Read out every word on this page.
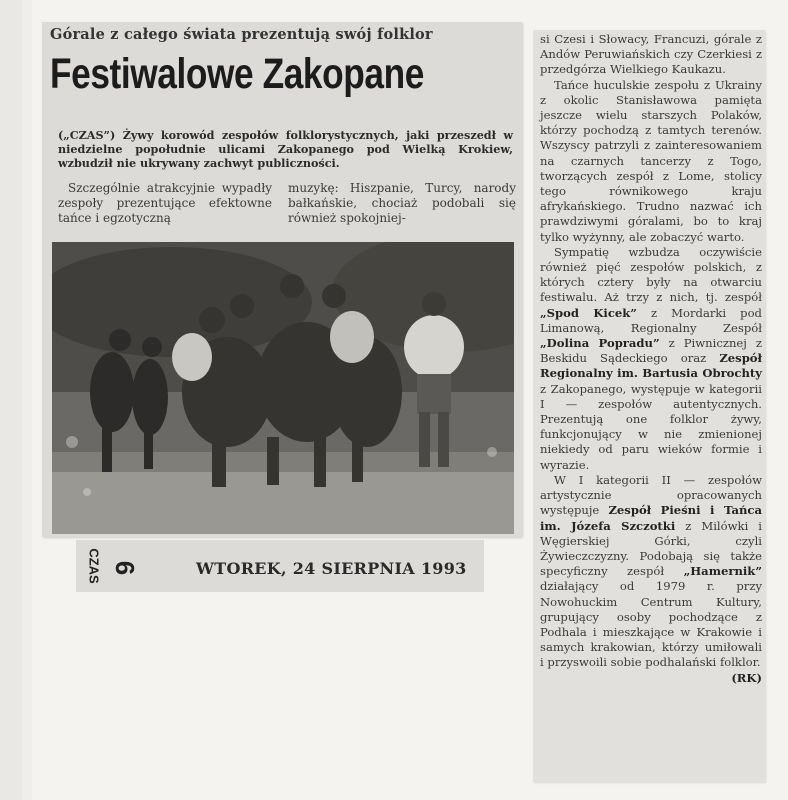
Górale z całego świata prezentują swój folklor
Festiwalowe Zakopane
(„CZAS”) Żywy korowód zespołów folklorystycznych, jaki przeszedł w niedzielne popołudnie ulicami Zakopanego pod Wielką Krokiew, wzbudził nie ukrywany zachwyt publiczności.
Szczególnie atrakcyjnie wypadły zespoły prezentujące efektowne tańce i egzotyczną
muzykę: Hiszpanie, Turcy, narody bałkańskie, chociaż podobali się również spokojniej-
CZAS 6	WTOREK, 24 SIERPNIA 1993

si Czesi i Słowacy, Francuzi, górale z Andów Peruwiańskich czy Czerkiesi z przedgórza Wielkiego Kaukazu.

Tańce huculskie zespołu z Ukrainy z okolic Stanisławowa pamięta jeszcze wielu starszych Polaków, którzy pochodzą z tamtych terenów. Wszyscy patrzyli z zainteresowaniem na czarnych tancerzy z Togo, tworzących zespół z Lome, stolicy tego równikowego kraju afrykańskiego. Trudno nazwać ich prawdziwymi góralami, bo to kraj tylko wyżynny, ale zobaczyć warto.

Sympatię wzbudza oczywiście również pięć zespołów polskich, z których cztery były na otwarciu festiwalu. Aż trzy z nich, tj. zespół „Spod Kicek” z Mordarki pod Limanową, Regionalny Zespół „Dolina Popradu” z Piwnicznej z Beskidu Sądeckiego oraz Zespół Regionalny im. Bartusia Obrochty z Zakopanego, występuje w kategorii I — zespołów autentycznych. Prezentują one folklor żywy, funkcjonujący w nie zmienionej niekiedy od paru wieków formie i wyrazie.

W I kategorii II — zespołów artystycznie opracowanych występuje Zespół Pieśni i Tańca im. Józefa Szczotki z Milówki i Węgierskiej Górki, czyli Żywieczczyzny. Podobają się także specyficzny zespół „Hamernik” działający od 1979 r. przy Nowohuckim Centrum Kultury, grupujący osoby pochodzące z Podhala i mieszkające w Krakowie i samych krakowian, którzy umiłowali i przyswoili sobie podhalański folklor.
(RK)
